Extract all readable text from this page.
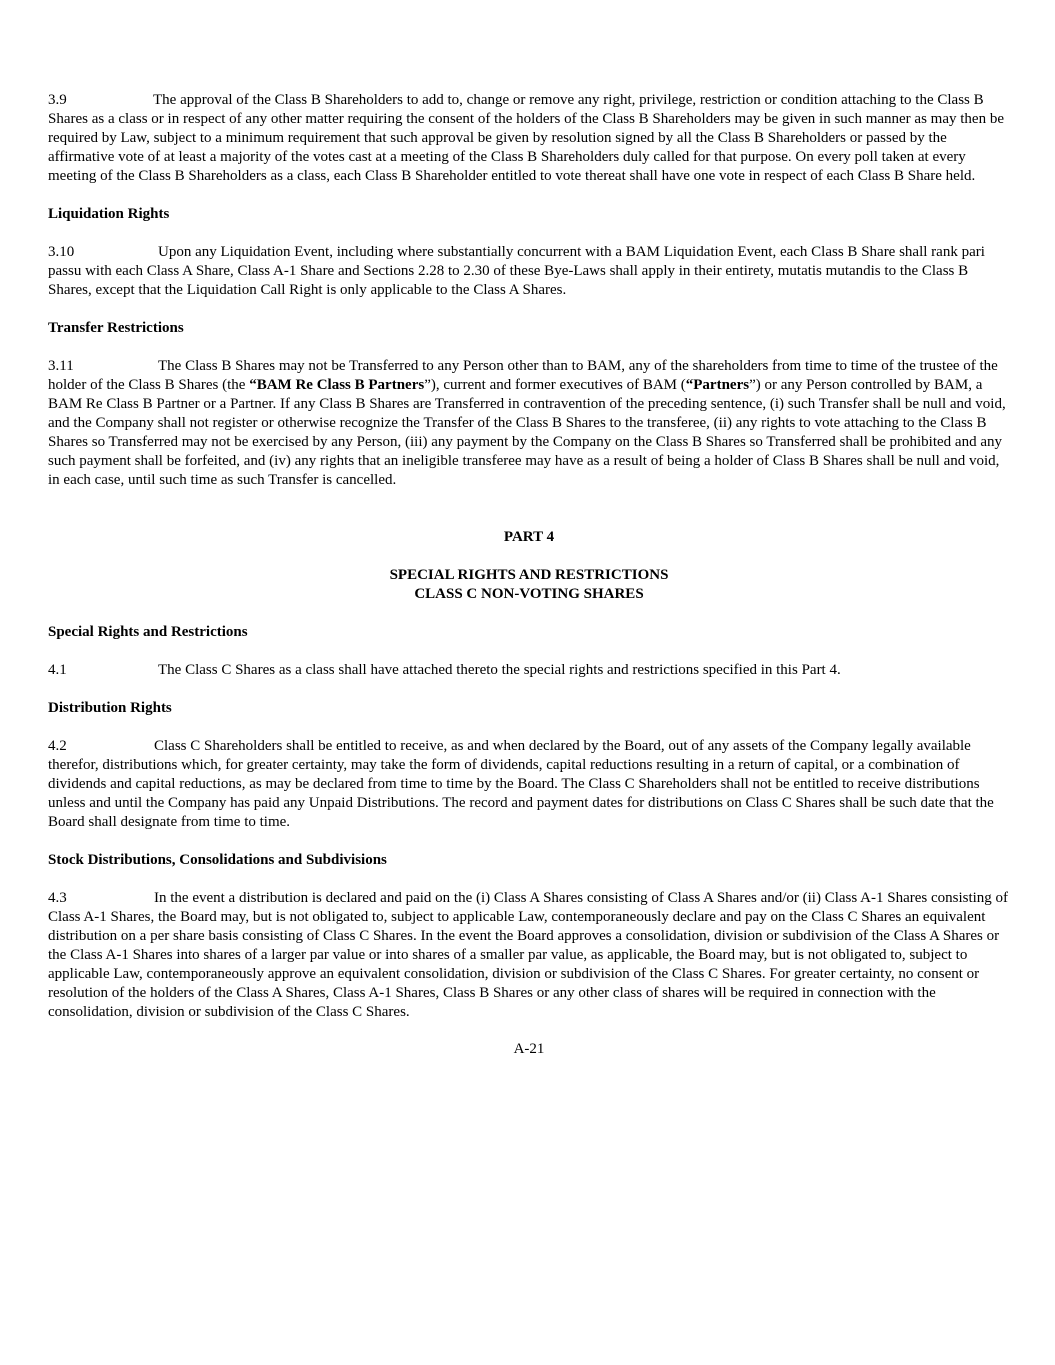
3.9	The approval of the Class B Shareholders to add to, change or remove any right, privilege, restriction or condition attaching to the Class B Shares as a class or in respect of any other matter requiring the consent of the holders of the Class B Shareholders may be given in such manner as may then be required by Law, subject to a minimum requirement that such approval be given by resolution signed by all the Class B Shareholders or passed by the affirmative vote of at least a majority of the votes cast at a meeting of the Class B Shareholders duly called for that purpose. On every poll taken at every meeting of the Class B Shareholders as a class, each Class B Shareholder entitled to vote thereat shall have one vote in respect of each Class B Share held.

Liquidation Rights

3.10	Upon any Liquidation Event, including where substantially concurrent with a BAM Liquidation Event, each Class B Share shall rank pari passu with each Class A Share, Class A-1 Share and Sections 2.28 to 2.30 of these Bye-Laws shall apply in their entirety, mutatis mutandis to the Class B Shares, except that the Liquidation Call Right is only applicable to the Class A Shares.

Transfer Restrictions

3.11	The Class B Shares may not be Transferred to any Person other than to BAM, any of the shareholders from time to time of the trustee of the holder of the Class B Shares (the “BAM Re Class B Partners”), current and former executives of BAM (“Partners”) or any Person controlled by BAM, a BAM Re Class B Partner or a Partner. If any Class B Shares are Transferred in contravention of the preceding sentence, (i) such Transfer shall be null and void, and the Company shall not register or otherwise recognize the Transfer of the Class B Shares to the transferee, (ii) any rights to vote attaching to the Class B Shares so Transferred may not be exercised by any Person, (iii) any payment by the Company on the Class B Shares so Transferred shall be prohibited and any such payment shall be forfeited, and (iv) any rights that an ineligible transferee may have as a result of being a holder of Class B Shares shall be null and void, in each case, until such time as such Transfer is cancelled.

PART 4

SPECIAL RIGHTS AND RESTRICTIONS

CLASS C NON-VOTING SHARES

Special Rights and Restrictions

4.1	The Class C Shares as a class shall have attached thereto the special rights and restrictions specified in this Part 4.

Distribution Rights

4.2	Class C Shareholders shall be entitled to receive, as and when declared by the Board, out of any assets of the Company legally available therefor, distributions which, for greater certainty, may take the form of dividends, capital reductions resulting in a return of capital, or a combination of dividends and capital reductions, as may be declared from time to time by the Board. The Class C Shareholders shall not be entitled to receive distributions unless and until the Company has paid any Unpaid Distributions. The record and payment dates for distributions on Class C Shares shall be such date that the Board shall designate from time to time.

Stock Distributions, Consolidations and Subdivisions

4.3	In the event a distribution is declared and paid on the (i) Class A Shares consisting of Class A Shares and/or (ii) Class A-1 Shares consisting of Class A-1 Shares, the Board may, but is not obligated to, subject to applicable Law, contemporaneously declare and pay on the Class C Shares an equivalent distribution on a per share basis consisting of Class C Shares. In the event the Board approves a consolidation, division or subdivision of the Class A Shares or the Class A-1 Shares into shares of a larger par value or into shares of a smaller par value, as applicable, the Board may, but is not obligated to, subject to applicable Law, contemporaneously approve an equivalent consolidation, division or subdivision of the Class C Shares. For greater certainty, no consent or resolution of the holders of the Class A Shares, Class A-1 Shares, Class B Shares or any other class of shares will be required in connection with the consolidation, division or subdivision of the Class C Shares.

A-21
